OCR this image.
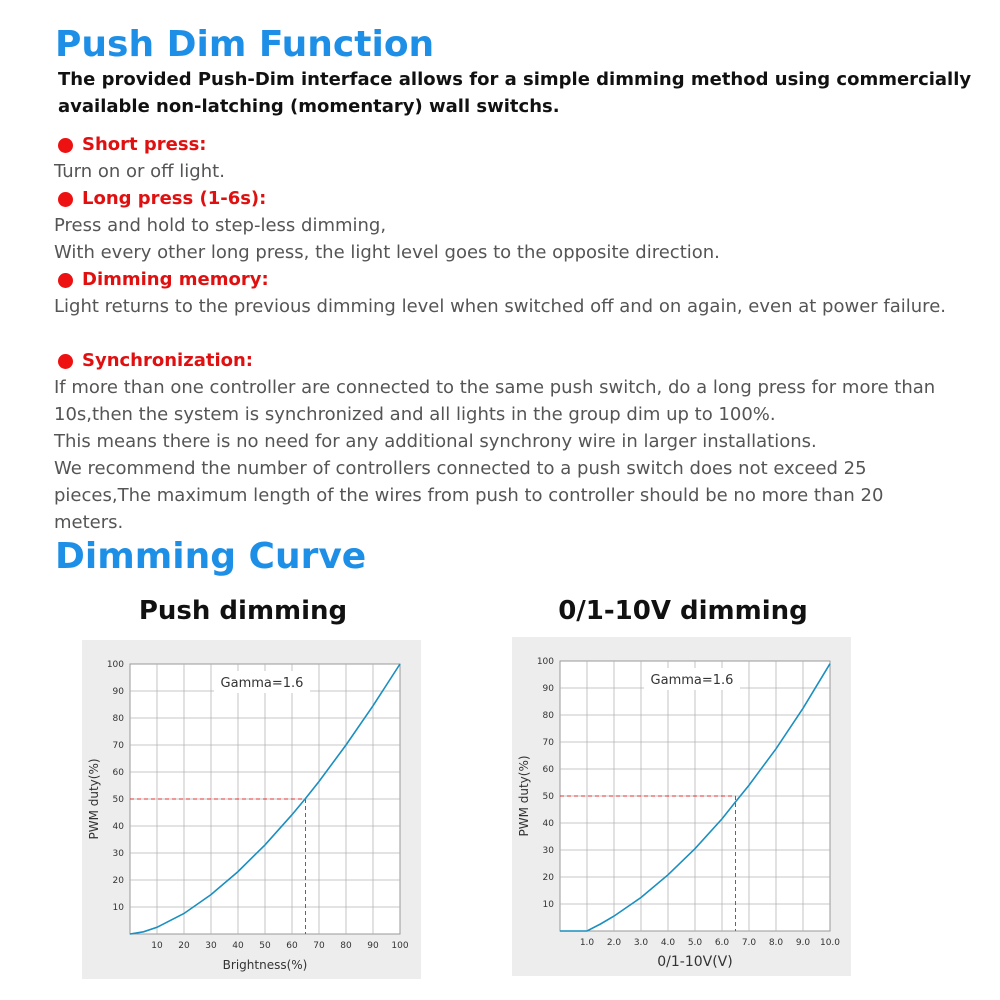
Push Dim Function
The provided Push-Dim interface allows for a simple dimming method using commercially available non-latching (momentary) wall switchs.
Short press:
Turn on or off light.
Long press (1-6s):
Press and hold to step-less dimming,
With every other long press, the light level goes to the opposite direction.
Dimming memory:
Light returns to the previous dimming level when switched off and on again, even at power failure.
Synchronization:
If more than one controller are connected to the same push switch, do a long press for more than 10s,then the system is synchronized and all lights in the group dim up to 100%.
This means there is no need for any additional synchrony wire in larger installations.
We recommend the number of controllers connected to a push switch does not exceed 25 pieces,The maximum length of the wires from push to controller should be no more than 20 meters.
Dimming Curve
Push dimming
10 20 30 40 50 60 70 80 90 100
10
20
30
40
50
60
70
80
90
100
Gamma=1.6
Brightness(%)
PWM duty(%)
0/1-10V dimming
1.0 2.0 3.0 4.0 5.0 6.0 7.0 8.0 9.0 10.0
10
20
30
40
50
60
70
80
90
100
Gamma=1.6
0/1-10V(V)
PWM duty(%)
